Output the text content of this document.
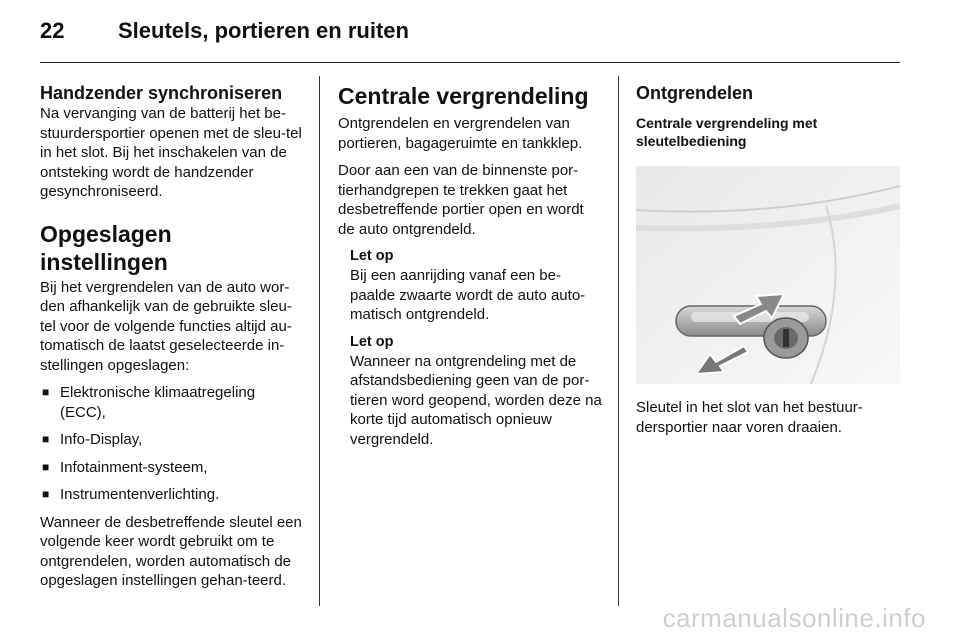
22 Sleutels, portieren en ruiten
Handzender synchroniseren

Na vervanging van de batterij het be-stuurdersportier openen met de sleu-tel in het slot. Bij het inschakelen van de ontsteking wordt de handzender gesynchroniseerd.

Opgeslagen instellingen

Bij het vergrendelen van de auto wor-den afhankelijk van de gebruikte sleu-tel voor de volgende functies altijd au-tomatisch de laatst geselecteerde in-stellingen opgeslagen:

■ Elektronische klimaatregeling (ECC),
■ Info-Display,
■ Infotainment-systeem,
■ Instrumentenverlichting.

Wanneer de desbetreffende sleutel een volgende keer wordt gebruikt om te ontgrendelen, worden automatisch de opgeslagen instellingen gehan-teerd.

Centrale vergrendeling

Ontgrendelen en vergrendelen van portieren, bagageruimte en tankklep.

Door aan een van de binnenste por-tierhandgrepen te trekken gaat het desbetreffende portier open en wordt de auto ontgrendeld.

Let op

Bij een aanrijding vanaf een be-paalde zwaarte wordt de auto auto-matisch ontgrendeld.

Let op

Wanneer na ontgrendeling met de afstandsbediening geen van de por-tieren word geopend, worden deze na korte tijd automatisch opnieuw vergrendeld.

Ontgrendelen
Centrale vergrendeling met sleutelbediening

Sleutel in het slot van het bestuur-dersportier naar voren draaien.

carmanualsonline.info
